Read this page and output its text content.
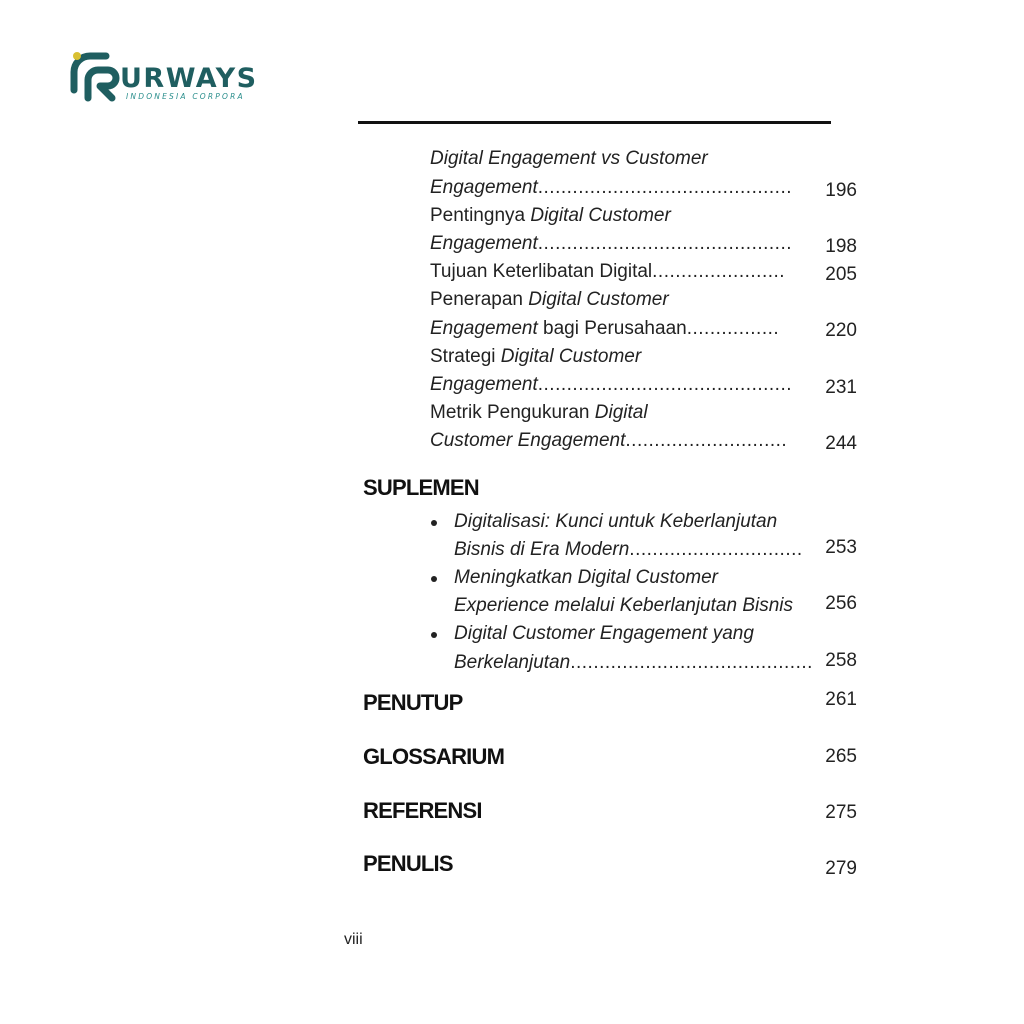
URWAYS
INDONESIA CORPORA
Digital Engagement vs Customer
Engagement............................................	196
Pentingnya Digital Customer
Engagement............................................	198
Tujuan Keterlibatan Digital.......................	205
Penerapan Digital Customer
Engagement bagi Perusahaan................	220
Strategi Digital Customer
Engagement............................................	231
Metrik Pengukuran Digital
Customer Engagement............................	244
SUPLEMEN
Digitalisasi: Kunci untuk Keberlanjutan
Bisnis di Era Modern..............................	253
Meningkatkan Digital Customer
Experience melalui Keberlanjutan Bisnis	256
Digital Customer Engagement yang
Berkelanjutan.......................................... 258
PENUTUP	261
GLOSSARIUM	265
REFERENSI	275
PENULIS	279
viii
